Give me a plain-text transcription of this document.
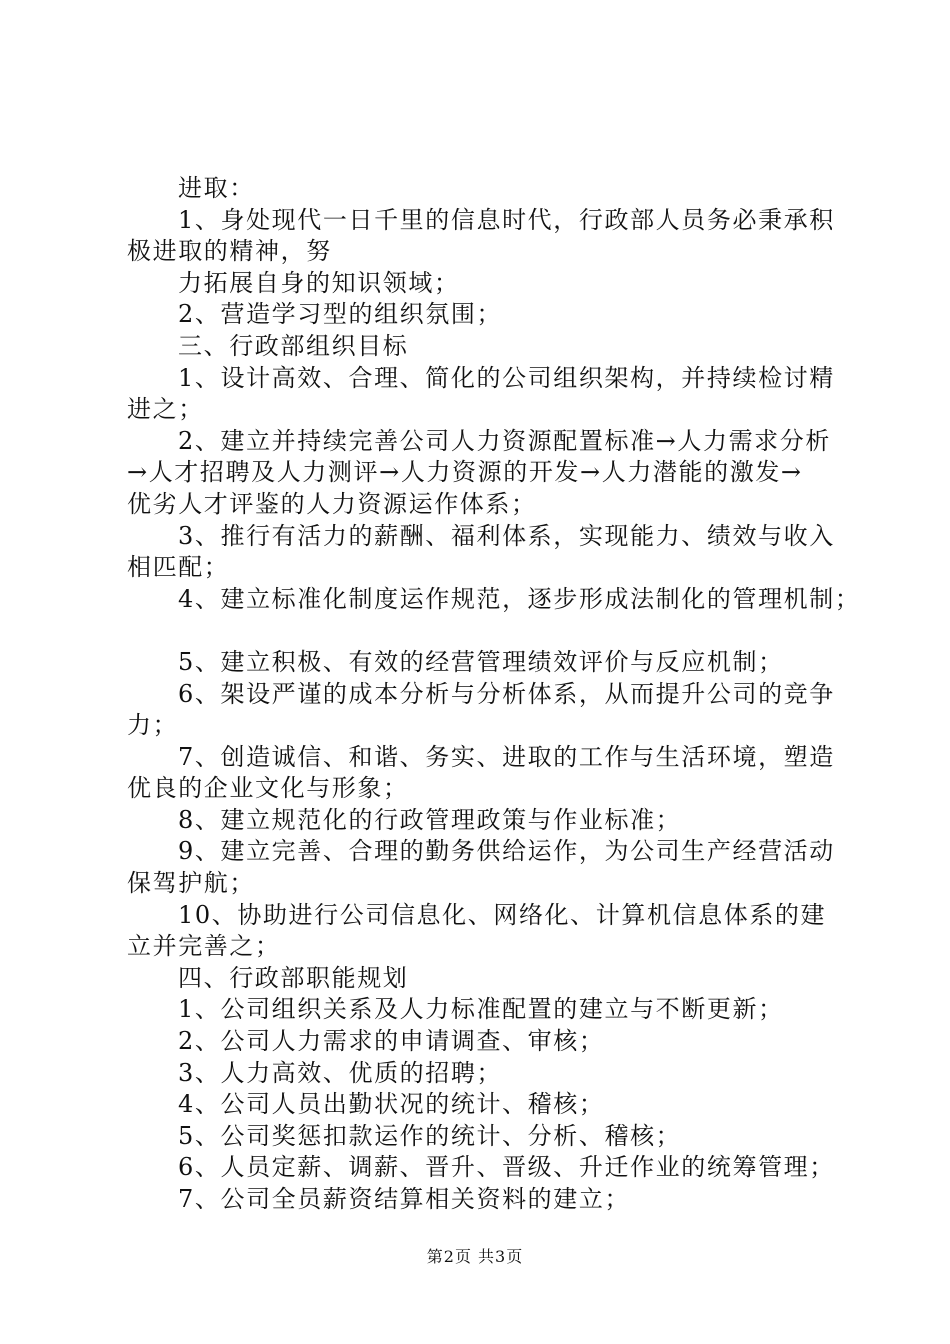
进取：
1、身处现代一日千里的信息时代，行政部人员务必秉承积
极进取的精神，努
力拓展自身的知识领域；
2、营造学习型的组织氛围；
三、行政部组织目标
1、设计高效、合理、简化的公司组织架构，并持续检讨精
进之；
2、建立并持续完善公司人力资源配置标准→人力需求分析
→人才招聘及人力测评→人力资源的开发→人力潜能的激发→
优劣人才评鉴的人力资源运作体系；
3、推行有活力的薪酬、福利体系，实现能力、绩效与收入
相匹配；
4、建立标准化制度运作规范，逐步形成法制化的管理机制；
5、建立积极、有效的经营管理绩效评价与反应机制；
6、架设严谨的成本分析与分析体系，从而提升公司的竞争
力；
7、创造诚信、和谐、务实、进取的工作与生活环境，塑造
优良的企业文化与形象；
8、建立规范化的行政管理政策与作业标准；
9、建立完善、合理的勤务供给运作，为公司生产经营活动
保驾护航；
10、协助进行公司信息化、网络化、计算机信息体系的建
立并完善之；
四、行政部职能规划
1、公司组织关系及人力标准配置的建立与不断更新；
2、公司人力需求的申请调查、审核；
3、人力高效、优质的招聘；
4、公司人员出勤状况的统计、稽核；
5、公司奖惩扣款运作的统计、分析、稽核；
6、人员定薪、调薪、晋升、晋级、升迁作业的统筹管理；
7、公司全员薪资结算相关资料的建立；
第2页 共3页
